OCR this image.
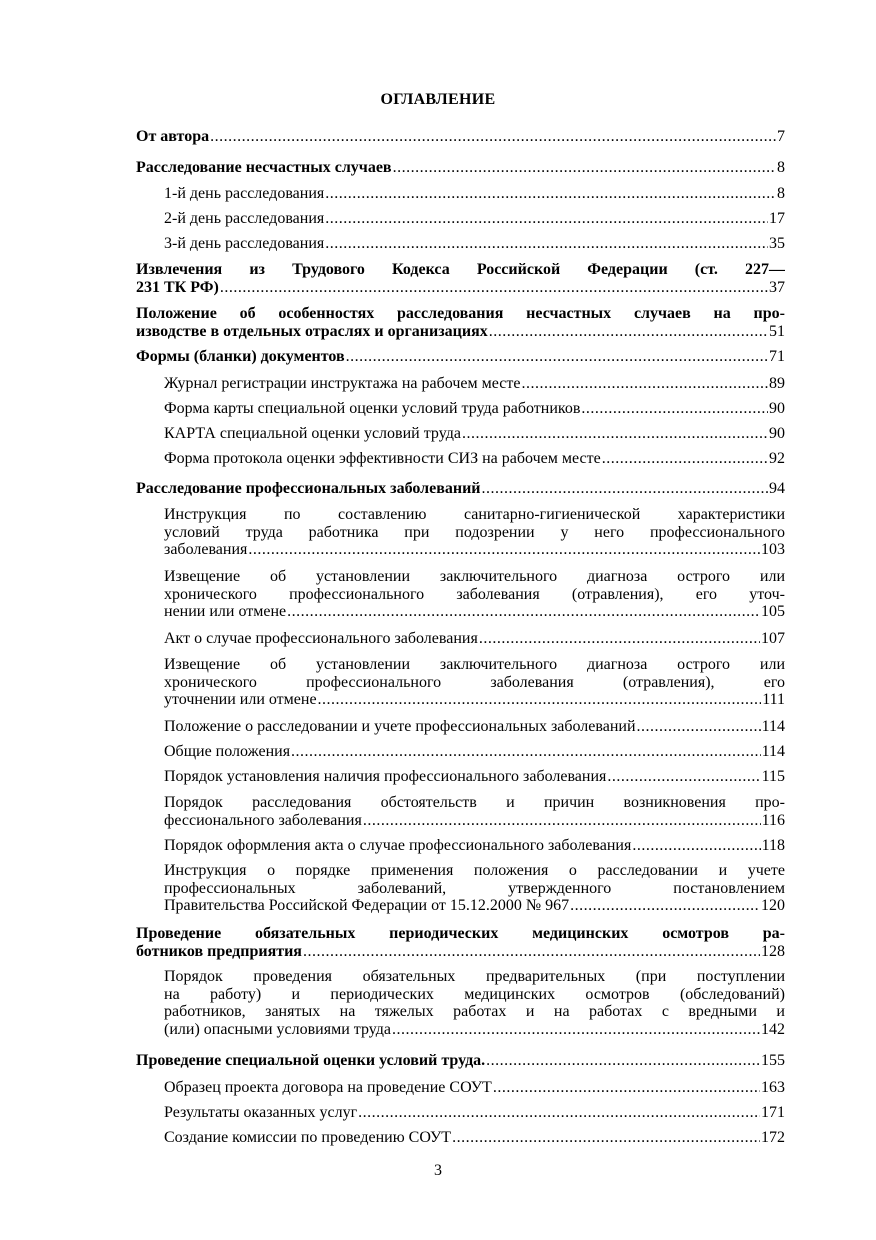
ОГЛАВЛЕНИЕ
От автора .....	7
Расследование несчастных случаев .....	8
1-й день расследования .....	8
2-й день расследования .....	17
3-й день расследования .....	35
Извлечения из Трудового Кодекса Российской Федерации (ст. 227—
231 ТК РФ) .....	37
Положение об особенностях расследования несчастных случаев на про-
изводстве в отдельных отраслях и организациях .....	51
Формы (бланки) документов .....	71
Журнал регистрации инструктажа на рабочем месте .....	89
Форма карты специальной оценки условий труда работников .....	90
КАРТА специальной оценки условий труда .....	90
Форма протокола оценки эффективности СИЗ на рабочем месте .....	92
Расследование профессиональных заболеваний .....	94
Инструкция по составлению санитарно-гигиенической характеристики
условий труда работника при подозрении у него профессионального
заболевания .....	103
Извещение об установлении заключительного диагноза острого или
хронического профессионального заболевания (отравления), его уточ-
нении или отмене .....	105
Акт о случае профессионального заболевания .....	107
Извещение об установлении заключительного диагноза острого или
хронического профессионального заболевания (отравления), его
уточнении или отмене .....	111
Положение о расследовании и учете профессиональных заболеваний .....	114
Общие положения .....	114
Порядок установления наличия профессионального заболевания .....	115
Порядок расследования обстоятельств и причин возникновения про-
фессионального заболевания .....	116
Порядок оформления акта о случае профессионального заболевания .....	118
Инструкция о порядке применения положения о расследовании и учете
профессиональных заболеваний, утвержденного постановлением
Правительства Российской Федерации от 15.12.2000 № 967 .....	120
Проведение обязательных периодических медицинских осмотров ра-
ботников предприятия .....	128
Порядок проведения обязательных предварительных (при поступлении
на работу) и периодических медицинских осмотров (обследований)
работников, занятых на тяжелых работах и на работах с вредными и
(или) опасными условиями труда .....	142
Проведение специальной оценки условий труда. .....	155
Образец проекта договора на проведение СОУТ .....	163
Результаты оказанных услуг .....	171
Создание комиссии по проведению СОУТ .....	172
3
